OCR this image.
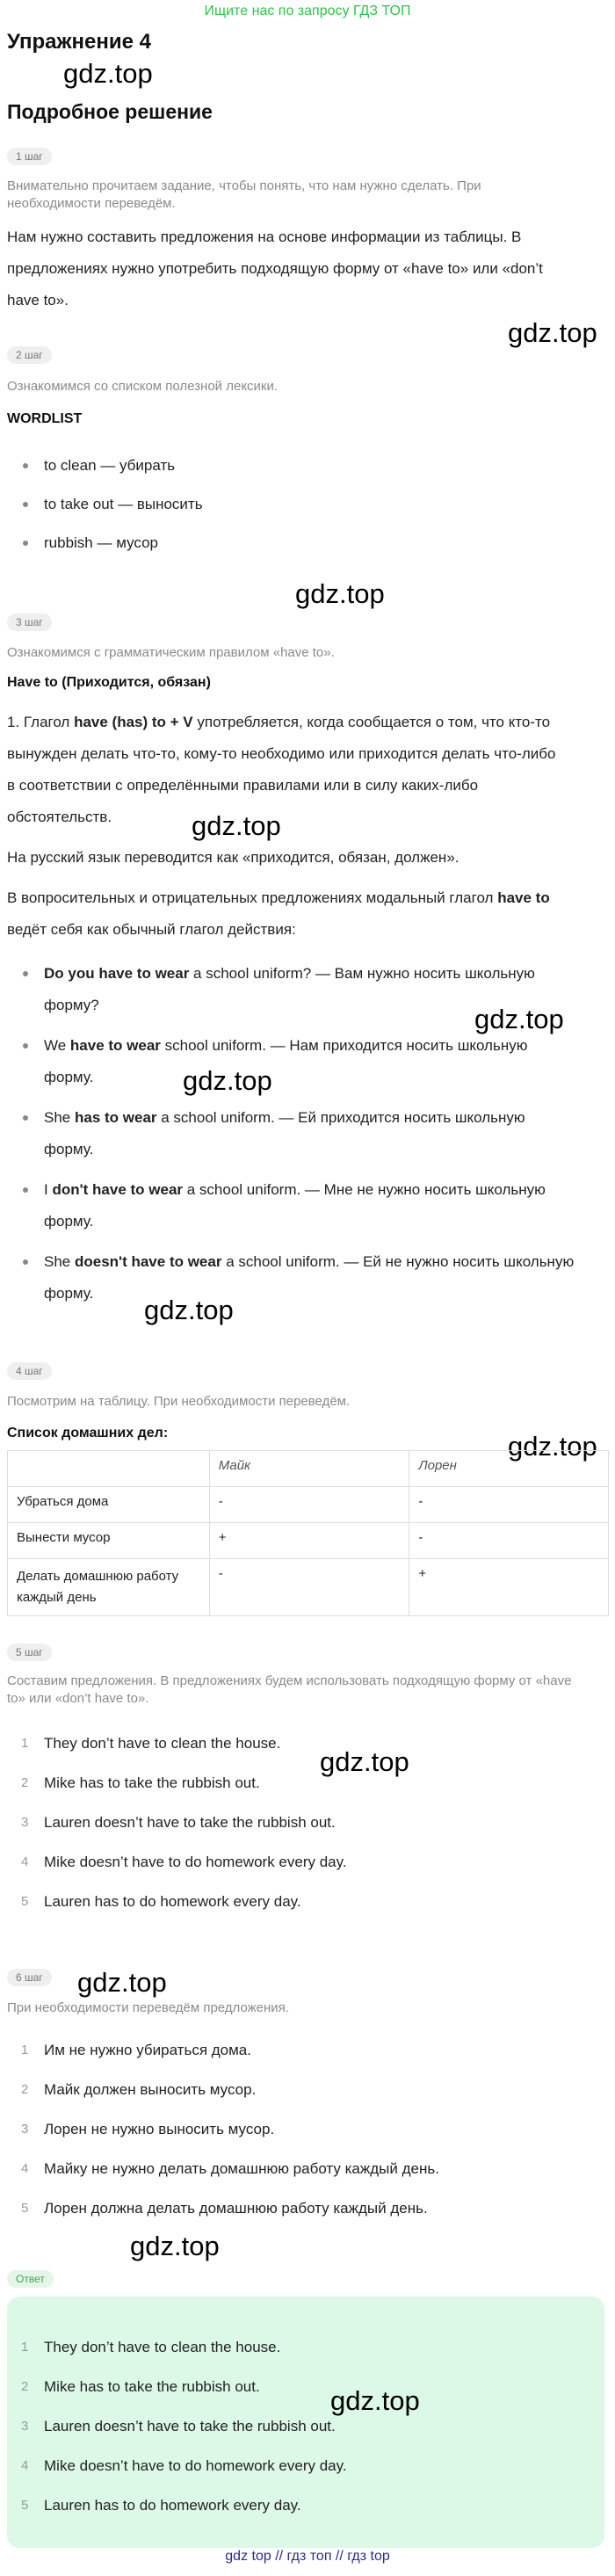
Ищите нас по запросу ГДЗ ТОП
Упражнение 4
Подробное решение
gdz.top
gdz.top
gdz.top
gdz.top
gdz.top
gdz.top
gdz.top
gdz.top
gdz.top
gdz.top
gdz.top
gdz.top
1 шаг
Внимательно прочитаем задание, чтобы понять, что нам нужно сделать. При необходимости переведём.
Нам нужно составить предложения на основе информации из таблицы. В
предложениях нужно употребить подходящую форму от «have to» или «don’t
have to».
2 шаг
Ознакомимся со списком полезной лексики.
WORDLIST
to clean — убирать
to take out — выносить
rubbish — мусор
3 шаг
Ознакомимся с грамматическим правилом «have to».
Have to (Приходится, обязан)
1. Глагол have (has) to + V употребляется, когда сообщается о том, что кто-то
вынужден делать что-то, кому-то необходимо или приходится делать что-либо
в соответствии с определёнными правилами или в силу каких-либо
обстоятельств.
На русский язык переводится как «приходится, обязан, должен».
В вопросительных и отрицательных предложениях модальный глагол have to
ведёт себя как обычный глагол действия:
Do you have to wear a school uniform? — Вам нужно носить школьную
форму?
We have to wear school uniform. — Нам приходится носить школьную
форму.
She has to wear a school uniform. — Ей приходится носить школьную
форму.
I don't have to wear a school uniform. — Мне не нужно носить школьную
форму.
She doesn't have to wear a school uniform. — Ей не нужно носить школьную
форму.
4 шаг
Посмотрим на таблицу. При необходимости переведём.
Список домашних дел:
	Майк	Лорен
Убраться дома	-	-
Вынести мусор	+	-
Делать домашнюю работу каждый день	-	+
5 шаг
Составим предложения. В предложениях будем использовать подходящую форму от «have to» или «don’t have to».
1 They don’t have to clean the house.
2 Mike has to take the rubbish out.
3 Lauren doesn’t have to take the rubbish out.
4 Mike doesn’t have to do homework every day.
5 Lauren has to do homework every day.
6 шаг
При необходимости переведём предложения.
1 Им не нужно убираться дома.
2 Майк должен выносить мусор.
3 Лорен не нужно выносить мусор.
4 Майку не нужно делать домашнюю работу каждый день.
5 Лорен должна делать домашнюю работу каждый день.
Ответ
1 They don’t have to clean the house.
2 Mike has to take the rubbish out.
3 Lauren doesn’t have to take the rubbish out.
4 Mike doesn’t have to do homework every day.
5 Lauren has to do homework every day.
gdz top // гдз топ // гдз top
